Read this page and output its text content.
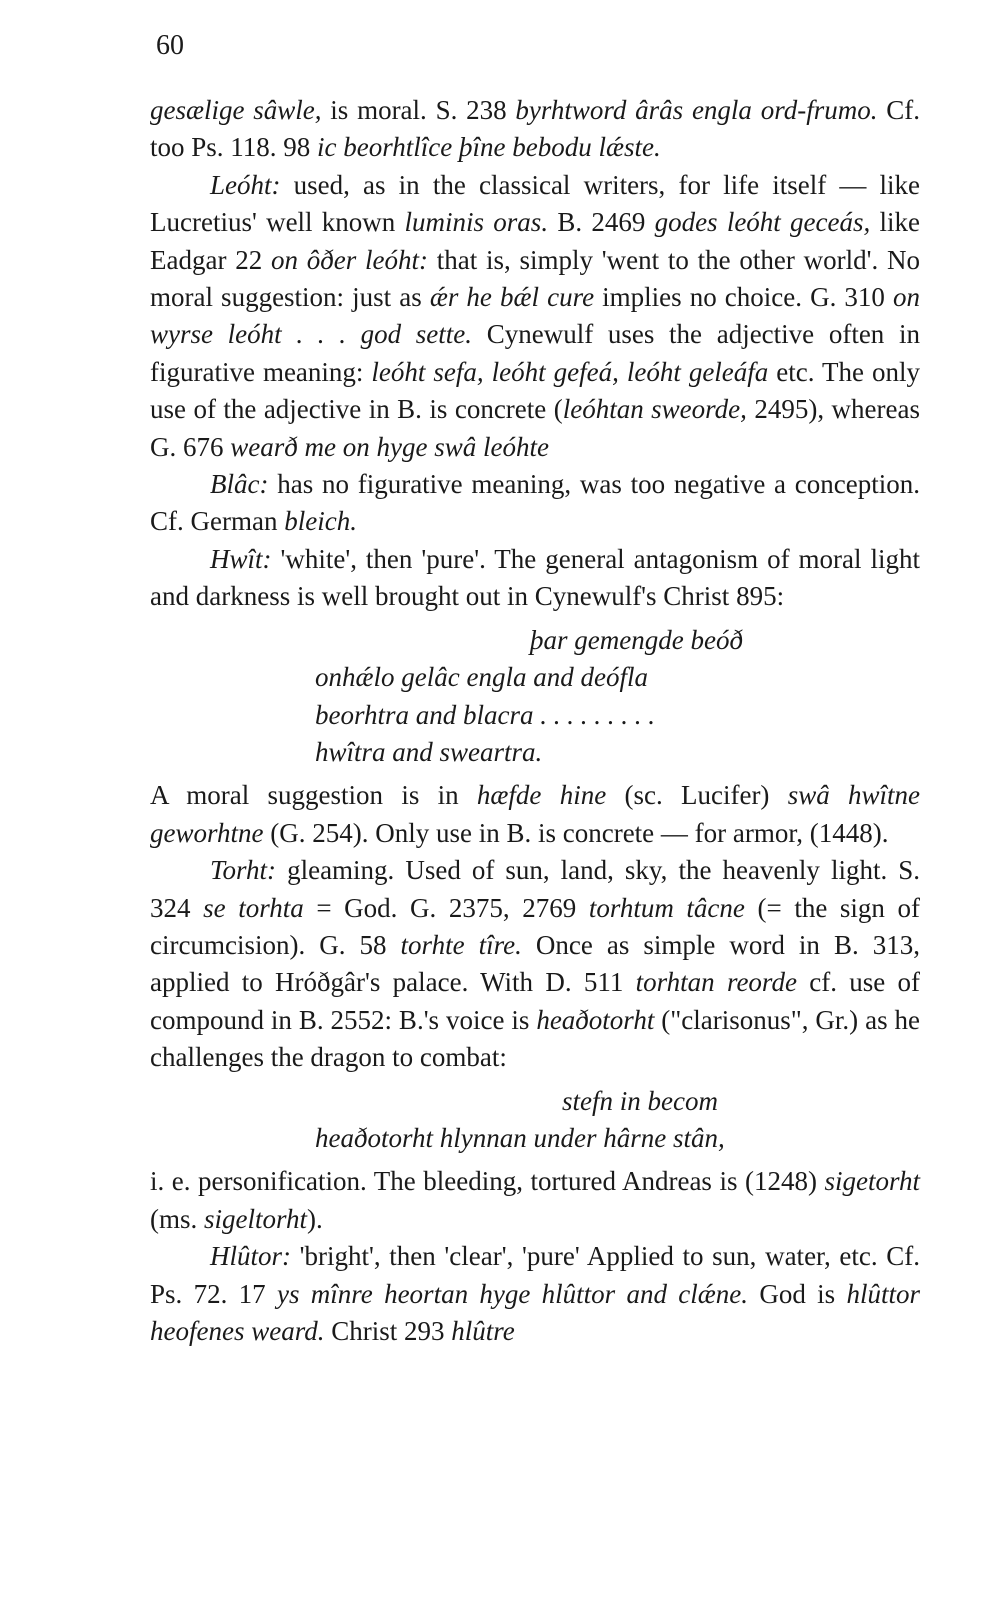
60

gesælige sâwle, is moral. S. 238 byrhtword ârâs engla ord-frumo. Cf. too Ps. 118. 98 ic beorhtlîce þîne bebodu lǽste.

Leóht: used, as in the classical writers, for life itself — like Lucretius' well known luminis oras. B. 2469 godes leóht geceás, like Eadgar 22 on ôðer leóht: that is, simply 'went to the other world'. No moral suggestion: just as ǽr he bǽl cure implies no choice. G. 310 on wyrse leóht . . . god sette. Cynewulf uses the adjective often in figurative meaning: leóht sefa, leóht gefeá, leóht geleáfa etc. The only use of the adjective in B. is concrete (leóhtan sweorde, 2495), whereas G. 676 wearð me on hyge swâ leóhte

Blâc: has no figurative meaning, was too negative a conception. Cf. German bleich.

Hwît: 'white', then 'pure'. The general antagonism of moral light and darkness is well brought out in Cynewulf's Christ 895:

þar gemengde beóð
onhǽlo gelâc engla and deófla
beorhtra and blacra . . . . . . . . .
hwîtra and sweartra.

A moral suggestion is in hæfde hine (sc. Lucifer) swâ hwîtne geworhtne (G. 254). Only use in B. is concrete — for armor, (1448).

Torht: gleaming. Used of sun, land, sky, the heavenly light. S. 324 se torhta = God. G. 2375, 2769 torhtum tâcne (= the sign of circumcision). G. 58 torhte tîre. Once as simple word in B. 313, applied to Hróðgâr's palace. With D. 511 torhtan reorde cf. use of compound in B. 2552: B.'s voice is heaðotorht ("clarisonus", Gr.) as he challenges the dragon to combat:

stefn in becom
heaðotorht hlynnan under hârne stân,

i. e. personification. The bleeding, tortured Andreas is (1248) sigetorht (ms. sigeltorht).

Hlûtor: 'bright', then 'clear', 'pure' Applied to sun, water, etc. Cf. Ps. 72. 17 ys mînre heortan hyge hlûttor and clǽne. God is hlûttor heofenes weard. Christ 293 hlûtre
